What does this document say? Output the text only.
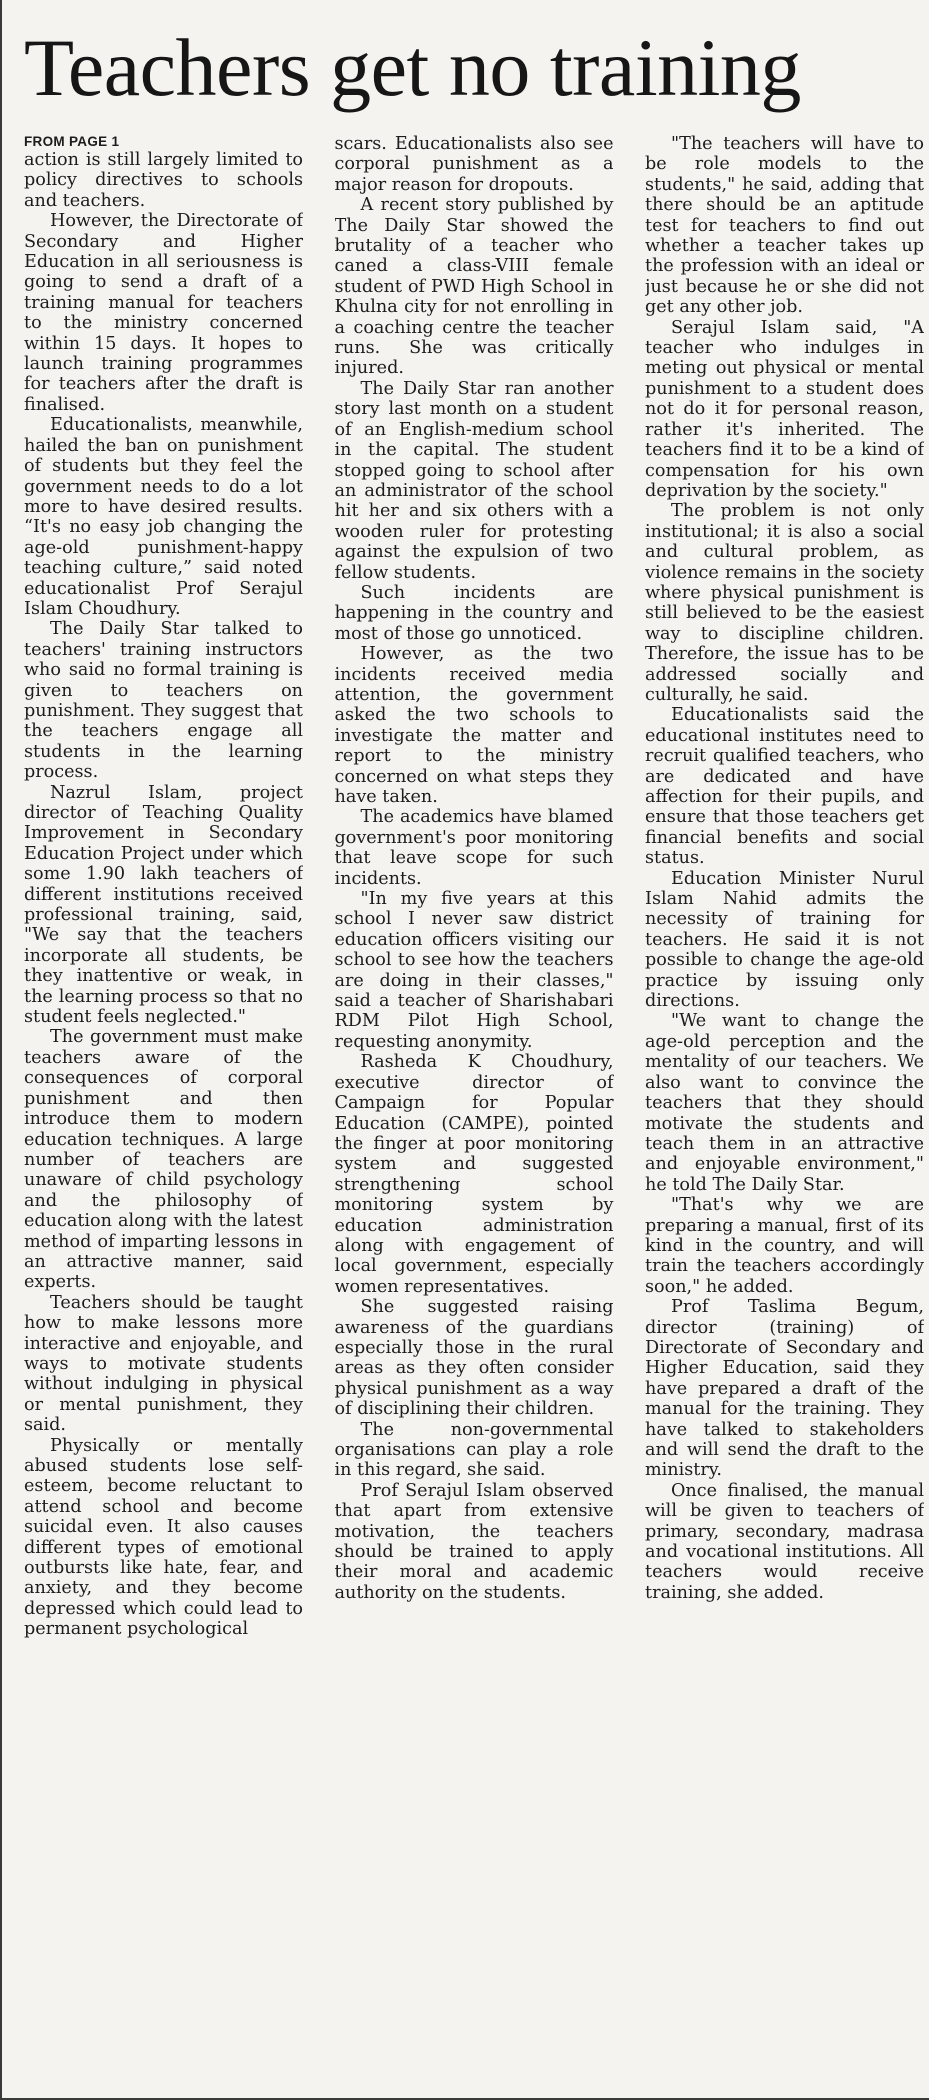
Teachers get no training
FROM PAGE 1

action is still largely limited to policy directives to schools and teachers.

However, the Directorate of Secondary and Higher Education in all seriousness is going to send a draft of a training manual for teachers to the ministry concerned within 15 days. It hopes to launch training programmes for teachers after the draft is finalised.

Educationalists, meanwhile, hailed the ban on punishment of students but they feel the government needs to do a lot more to have desired results. “It's no easy job changing the age-old punishment-happy teaching culture,” said noted educationalist Prof Serajul Islam Choudhury.

The Daily Star talked to teachers' training instructors who said no formal training is given to teachers on punishment. They suggest that the teachers engage all students in the learning process.

Nazrul Islam, project director of Teaching Quality Improvement in Secondary Education Project under which some 1.90 lakh teachers of different institutions received professional training, said, "We say that the teachers incorporate all students, be they inattentive or weak, in the learning process so that no student feels neglected."

The government must make teachers aware of the consequences of corporal punishment and then introduce them to modern education techniques. A large number of teachers are unaware of child psychology and the philosophy of education along with the latest method of imparting lessons in an attractive manner, said experts.

Teachers should be taught how to make lessons more interactive and enjoyable, and ways to motivate students without indulging in physical or mental punishment, they said.

Physically or mentally abused students lose self-esteem, become reluctant to attend school and become suicidal even. It also causes different types of emotional outbursts like hate, fear, and anxiety, and they become depressed which could lead to permanent psychological

scars. Educationalists also see corporal punishment as a major reason for dropouts.

A recent story published by The Daily Star showed the brutality of a teacher who caned a class-VIII female student of PWD High School in Khulna city for not enrolling in a coaching centre the teacher runs. She was critically injured.

The Daily Star ran another story last month on a student of an English-medium school in the capital. The student stopped going to school after an administrator of the school hit her and six others with a wooden ruler for protesting against the expulsion of two fellow students.

Such incidents are happening in the country and most of those go unnoticed.

However, as the two incidents received media attention, the government asked the two schools to investigate the matter and report to the ministry concerned on what steps they have taken.

The academics have blamed government's poor monitoring that leave scope for such incidents.

"In my five years at this school I never saw district education officers visiting our school to see how the teachers are doing in their classes," said a teacher of Sharishabari RDM Pilot High School, requesting anonymity.

Rasheda K Choudhury, executive director of Campaign for Popular Education (CAMPE), pointed the finger at poor monitoring system and suggested strengthening school monitoring system by education administration along with engagement of local government, especially women representatives.

She suggested raising awareness of the guardians especially those in the rural areas as they often consider physical punishment as a way of disciplining their children.

The non-governmental organisations can play a role in this regard, she said.

Prof Serajul Islam observed that apart from extensive motivation, the teachers should be trained to apply their moral and academic authority on the students.

"The teachers will have to be role models to the students," he said, adding that there should be an aptitude test for teachers to find out whether a teacher takes up the profession with an ideal or just because he or she did not get any other job.

Serajul Islam said, "A teacher who indulges in meting out physical or mental punishment to a student does not do it for personal reason, rather it's inherited. The teachers find it to be a kind of compensation for his own deprivation by the society."

The problem is not only institutional; it is also a social and cultural problem, as violence remains in the society where physical punishment is still believed to be the easiest way to discipline children. Therefore, the issue has to be addressed socially and culturally, he said.

Educationalists said the educational institutes need to recruit qualified teachers, who are dedicated and have affection for their pupils, and ensure that those teachers get financial benefits and social status.

Education Minister Nurul Islam Nahid admits the necessity of training for teachers. He said it is not possible to change the age-old practice by issuing only directions.

"We want to change the age-old perception and the mentality of our teachers. We also want to convince the teachers that they should motivate the students and teach them in an attractive and enjoyable environment," he told The Daily Star.

"That's why we are preparing a manual, first of its kind in the country, and will train the teachers accordingly soon," he added.

Prof Taslima Begum, director (training) of Directorate of Secondary and Higher Education, said they have prepared a draft of the manual for the training. They have talked to stakeholders and will send the draft to the ministry.

Once finalised, the manual will be given to teachers of primary, secondary, madrasa and vocational institutions. All teachers would receive training, she added.
